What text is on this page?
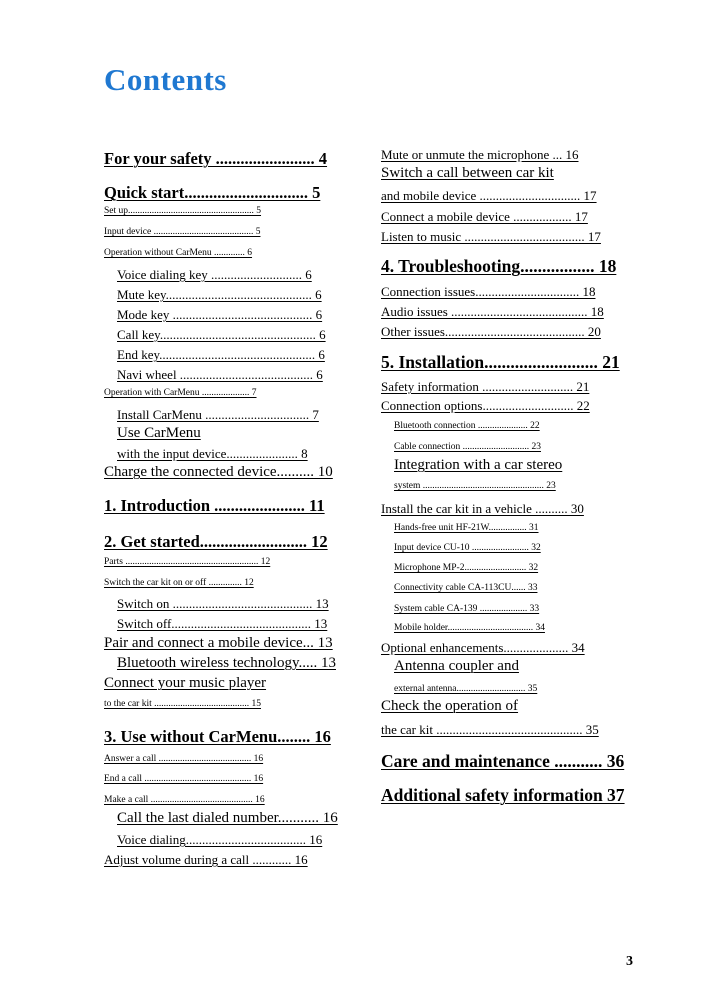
Contents
For your safety ........................ 4
Quick start.............................. 5
Set up..................................................... 5
Input device .......................................... 5
Operation without CarMenu ............. 6
Voice dialing key ............................ 6
Mute key............................................. 6
Mode key ........................................... 6
Call key................................................ 6
End key................................................ 6
Navi wheel ......................................... 6
Operation with CarMenu .................... 7
Install CarMenu ................................ 7
Use CarMenu
with the input device...................... 8
Charge the connected device.......... 10
1. Introduction ...................... 11
2. Get started.......................... 12
Parts ........................................................ 12
Switch the car kit on or off .............. 12
Switch on ........................................... 13
Switch off........................................... 13
Pair and connect a mobile device... 13
Bluetooth wireless technology..... 13
Connect your music player
to the car kit ........................................ 15
3. Use without CarMenu........ 16
Answer a call ....................................... 16
End a call ............................................. 16
Make a call ........................................... 16
Call the last dialed number........... 16
Voice dialing..................................... 16
Adjust volume during a call ............ 16
Mute or unmute the microphone ... 16
Switch a call between car kit
and mobile device ............................... 17
Connect a mobile device .................. 17
Listen to music ..................................... 17
4. Troubleshooting................. 18
Connection issues................................ 18
Audio issues .......................................... 18
Other issues........................................... 20
5. Installation.......................... 21
Safety information ............................ 21
Connection options............................ 22
Bluetooth connection ..................... 22
Cable connection ............................ 23
Integration with a car stereo
system ................................................... 23
Install the car kit in a vehicle .......... 30
Hands-free unit HF-21W................ 31
Input device CU-10 ........................ 32
Microphone MP-2.......................... 32
Connectivity cable CA-113CU...... 33
System cable CA-139 .................... 33
Mobile holder.................................... 34
Optional enhancements.................... 34
Antenna coupler and
external antenna............................. 35
Check the operation of
the car kit ............................................. 35
Care and maintenance ........... 36
Additional safety information 37
3
